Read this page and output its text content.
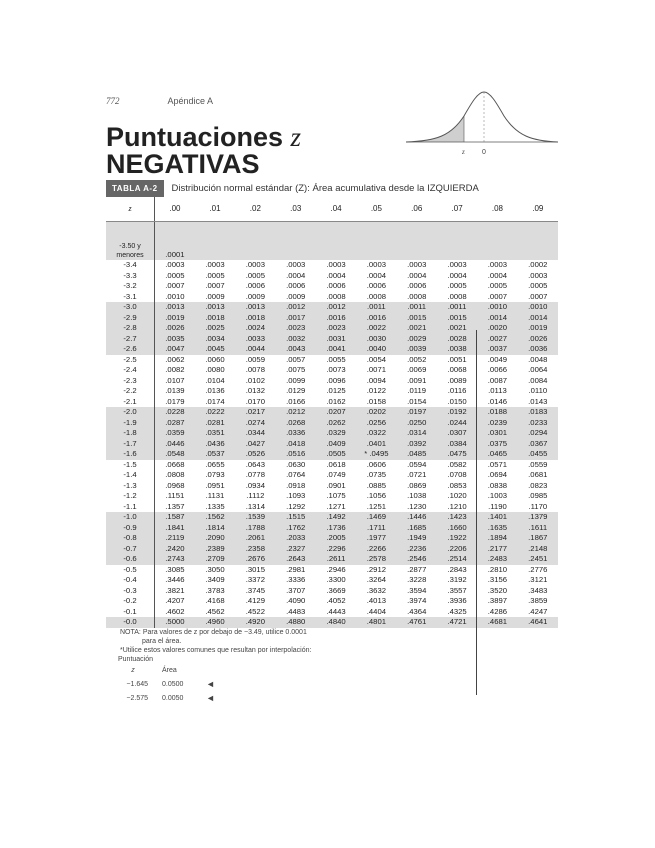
772	Apéndice A
Puntuaciones z
NEGATIVAS	z 0
TABLA A-2	Distribución normal estándar (Z): Área acumulativa desde la IZQUIERDA
z	.00	.01	.02	.03	.04	.05	.06	.07	.08	.09
-3.50 y menores	.0001									
-3.4	.0003	.0003	.0003	.0003	.0003	.0003	.0003	.0003	.0003	.0002
-3.3	.0005	.0005	.0005	.0004	.0004	.0004	.0004	.0004	.0004	.0003
-3.2	.0007	.0007	.0006	.0006	.0006	.0006	.0006	.0005	.0005	.0005
-3.1	.0010	.0009	.0009	.0009	.0008	.0008	.0008	.0008	.0007	.0007
-3.0	.0013	.0013	.0013	.0012	.0012	.0011	.0011	.0011	.0010	.0010
-2.9	.0019	.0018	.0018	.0017	.0016	.0016	.0015	.0015	.0014	.0014
-2.8	.0026	.0025	.0024	.0023	.0023	.0022	.0021	.0021	.0020	.0019
-2.7	.0035	.0034	.0033	.0032	.0031	.0030	.0029	.0028	.0027	.0026
-2.6	.0047	.0045	.0044	.0043	.0041	.0040	.0039	.0038	.0037	.0036
-2.5	.0062	.0060	.0059	.0057	.0055	.0054	.0052	.0051	.0049	.0048
-2.4	.0082	.0080	.0078	.0075	.0073	.0071	.0069	.0068	.0066	.0064
-2.3	.0107	.0104	.0102	.0099	.0096	.0094	.0091	.0089	.0087	.0084
-2.2	.0139	.0136	.0132	.0129	.0125	.0122	.0119	.0116	.0113	.0110
-2.1	.0179	.0174	.0170	.0166	.0162	.0158	.0154	.0150	.0146	.0143
-2.0	.0228	.0222	.0217	.0212	.0207	.0202	.0197	.0192	.0188	.0183
-1.9	.0287	.0281	.0274	.0268	.0262	.0256	.0250	.0244	.0239	.0233
-1.8	.0359	.0351	.0344	.0336	.0329	.0322	.0314	.0307	.0301	.0294
-1.7	.0446	.0436	.0427	.0418	.0409	.0401	.0392	.0384	.0375	.0367
-1.6	.0548	.0537	.0526	.0516	.0505	* .0495	.0485	.0475	.0465	.0455
-1.5	.0668	.0655	.0643	.0630	.0618	.0606	.0594	.0582	.0571	.0559
-1.4	.0808	.0793	.0778	.0764	.0749	.0735	.0721	.0708	.0694	.0681
-1.3	.0968	.0951	.0934	.0918	.0901	.0885	.0869	.0853	.0838	.0823
-1.2	.1151	.1131	.1112	.1093	.1075	.1056	.1038	.1020	.1003	.0985
-1.1	.1357	.1335	.1314	.1292	.1271	.1251	.1230	.1210	.1190	.1170
-1.0	.1587	.1562	.1539	.1515	.1492	.1469	.1446	.1423	.1401	.1379
-0.9	.1841	.1814	.1788	.1762	.1736	.1711	.1685	.1660	.1635	.1611
-0.8	.2119	.2090	.2061	.2033	.2005	.1977	.1949	.1922	.1894	.1867
-0.7	.2420	.2389	.2358	.2327	.2296	.2266	.2236	.2206	.2177	.2148
-0.6	.2743	.2709	.2676	.2643	.2611	.2578	.2546	.2514	.2483	.2451
-0.5	.3085	.3050	.3015	.2981	.2946	.2912	.2877	.2843	.2810	.2776
-0.4	.3446	.3409	.3372	.3336	.3300	.3264	.3228	.3192	.3156	.3121
-0.3	.3821	.3783	.3745	.3707	.3669	.3632	.3594	.3557	.3520	.3483
-0.2	.4207	.4168	.4129	.4090	.4052	.4013	.3974	.3936	.3897	.3859
-0.1	.4602	.4562	.4522	.4483	.4443	.4404	.4364	.4325	.4286	.4247
-0.0	.5000	.4960	.4920	.4880	.4840	.4801	.4761	.4721	.4681	.4641
NOTA: Para valores de z por debajo de −3.49, utilice 0.0001
para el área.
*Utilice estos valores comunes que resultan por interpolación:
Puntuación
z	Área
−1.645 0.0500	◄
−2.575 0.0050	◄
